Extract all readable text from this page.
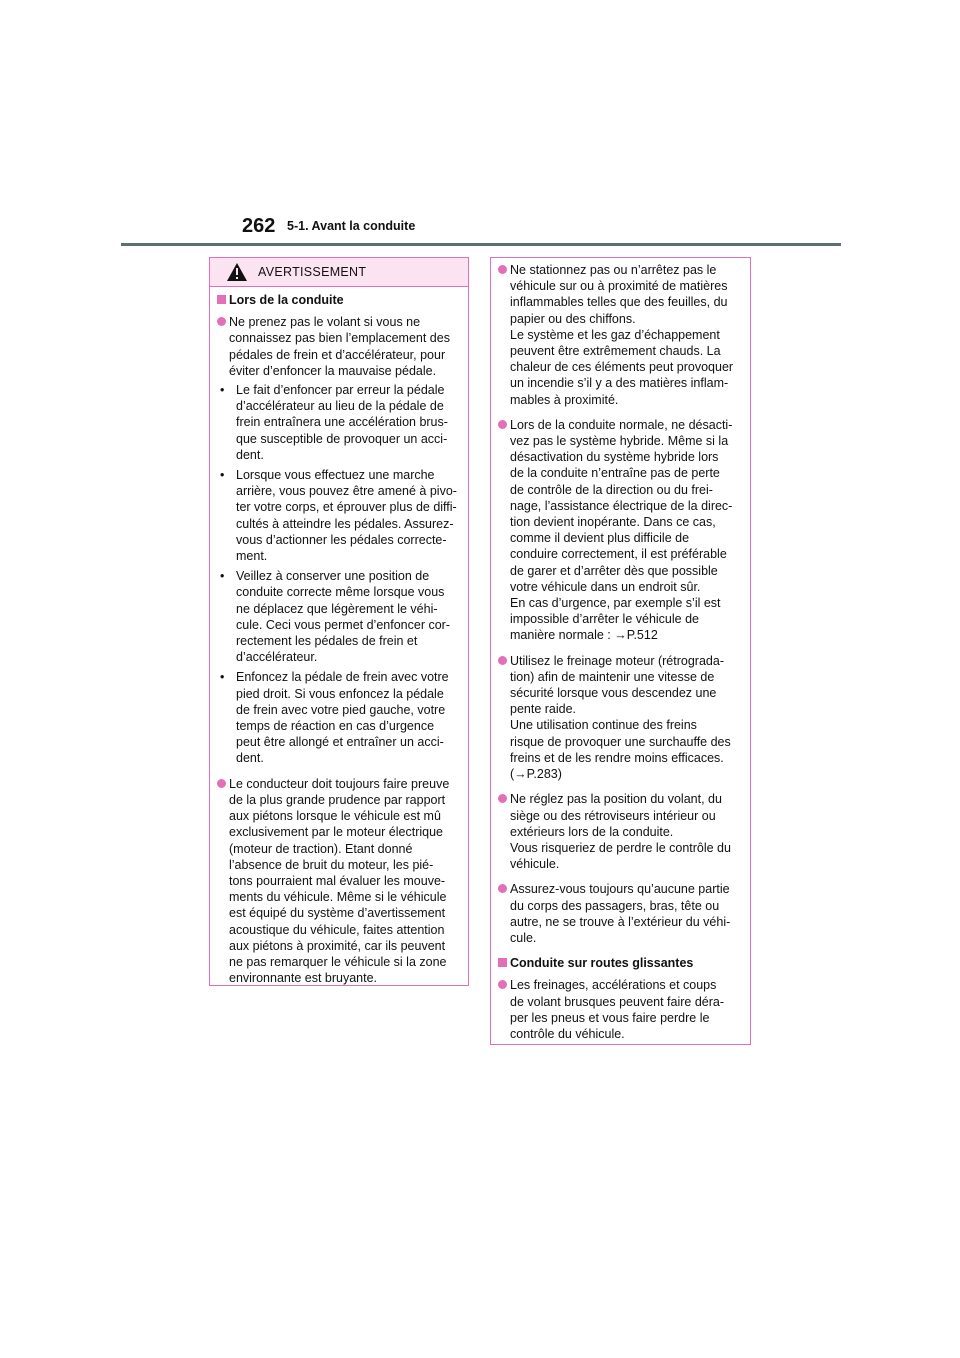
262 5-1. Avant la conduite
AVERTISSEMENT
Lors de la conduite
Ne prenez pas le volant si vous ne
connaissez pas bien l’emplacement des
pédales de frein et d’accélérateur, pour
éviter d’enfoncer la mauvaise pédale.
• Le fait d’enfoncer par erreur la pédale
d’accélérateur au lieu de la pédale de
frein entraînera une accélération brus-
que susceptible de provoquer un acci-
dent.
• Lorsque vous effectuez une marche
arrière, vous pouvez être amené à pivo-
ter votre corps, et éprouver plus de diffi-
cultés à atteindre les pédales. Assurez-
vous d’actionner les pédales correcte-
ment.
• Veillez à conserver une position de
conduite correcte même lorsque vous
ne déplacez que légèrement le véhi-
cule. Ceci vous permet d’enfoncer cor-
rectement les pédales de frein et
d’accélérateur.
• Enfoncez la pédale de frein avec votre
pied droit. Si vous enfoncez la pédale
de frein avec votre pied gauche, votre
temps de réaction en cas d’urgence
peut être allongé et entraîner un acci-
dent.
Le conducteur doit toujours faire preuve
de la plus grande prudence par rapport
aux piétons lorsque le véhicule est mû
exclusivement par le moteur électrique
(moteur de traction). Etant donné
l’absence de bruit du moteur, les pié-
tons pourraient mal évaluer les mouve-
ments du véhicule. Même si le véhicule
est équipé du système d’avertissement
acoustique du véhicule, faites attention
aux piétons à proximité, car ils peuvent
ne pas remarquer le véhicule si la zone
environnante est bruyante.
Ne stationnez pas ou n’arrêtez pas le
véhicule sur ou à proximité de matières
inflammables telles que des feuilles, du
papier ou des chiffons.
Le système et les gaz d’échappement
peuvent être extrêmement chauds. La
chaleur de ces éléments peut provoquer
un incendie s’il y a des matières inflam-
mables à proximité.
Lors de la conduite normale, ne désacti-
vez pas le système hybride. Même si la
désactivation du système hybride lors
de la conduite n’entraîne pas de perte
de contrôle de la direction ou du frei-
nage, l’assistance électrique de la direc-
tion devient inopérante. Dans ce cas,
comme il devient plus difficile de
conduire correctement, il est préférable
de garer et d’arrêter dès que possible
votre véhicule dans un endroit sûr.
En cas d’urgence, par exemple s’il est
impossible d’arrêter le véhicule de
manière normale : →P.512
Utilisez le freinage moteur (rétrograda-
tion) afin de maintenir une vitesse de
sécurité lorsque vous descendez une
pente raide.
Une utilisation continue des freins
risque de provoquer une surchauffe des
freins et de les rendre moins efficaces.
(→P.283)
Ne réglez pas la position du volant, du
siège ou des rétroviseurs intérieur ou
extérieurs lors de la conduite.
Vous risqueriez de perdre le contrôle du
véhicule.
Assurez-vous toujours qu’aucune partie
du corps des passagers, bras, tête ou
autre, ne se trouve à l’extérieur du véhi-
cule.
Conduite sur routes glissantes
Les freinages, accélérations et coups
de volant brusques peuvent faire déra-
per les pneus et vous faire perdre le
contrôle du véhicule.
